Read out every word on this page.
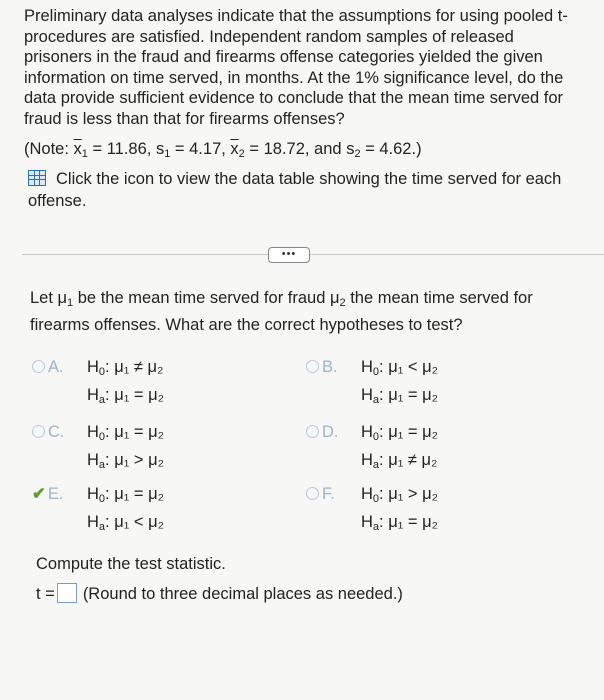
Preliminary data analyses indicate that the assumptions for using pooled t-procedures are satisfied. Independent random samples of released prisoners in the fraud and firearms offense categories yielded the given information on time served, in months. At the 1% significance level, do the data provide sufficient evidence to conclude that the mean time served for fraud is less than that for firearms offenses?

(Note: $\overline{x}_1 = 11.86$, $s_1 = 4.17$, $\overline{x}_2 = 18.72$, and $s_2 = 4.62$.)
Click the icon to view the data table showing the time served for each offense.
•••
Let $\mu_1$ be the mean time served for fraud $\mu_2$ the mean time served for firearms offenses. What are the correct hypotheses to test?
A. $H_0$: μ₁ ≠ μ₂
$H_a$: μ₁ = μ₂
B. $H_0$: μ₁ < μ₂
$H_a$: μ₁ = μ₂
C. $H_0$: μ₁ = μ₂
$H_a$: μ₁ > μ₂
D. $H_0$: μ₁ = μ₂
$H_a$: μ₁ ≠ μ₂
✔ E. $H_0$: μ₁ = μ₂
$H_a$: μ₁ < μ₂
F. $H_0$: μ₁ > μ₂
$H_a$: μ₁ = μ₂
Compute the test statistic.
t = (Round to three decimal places as needed.)
